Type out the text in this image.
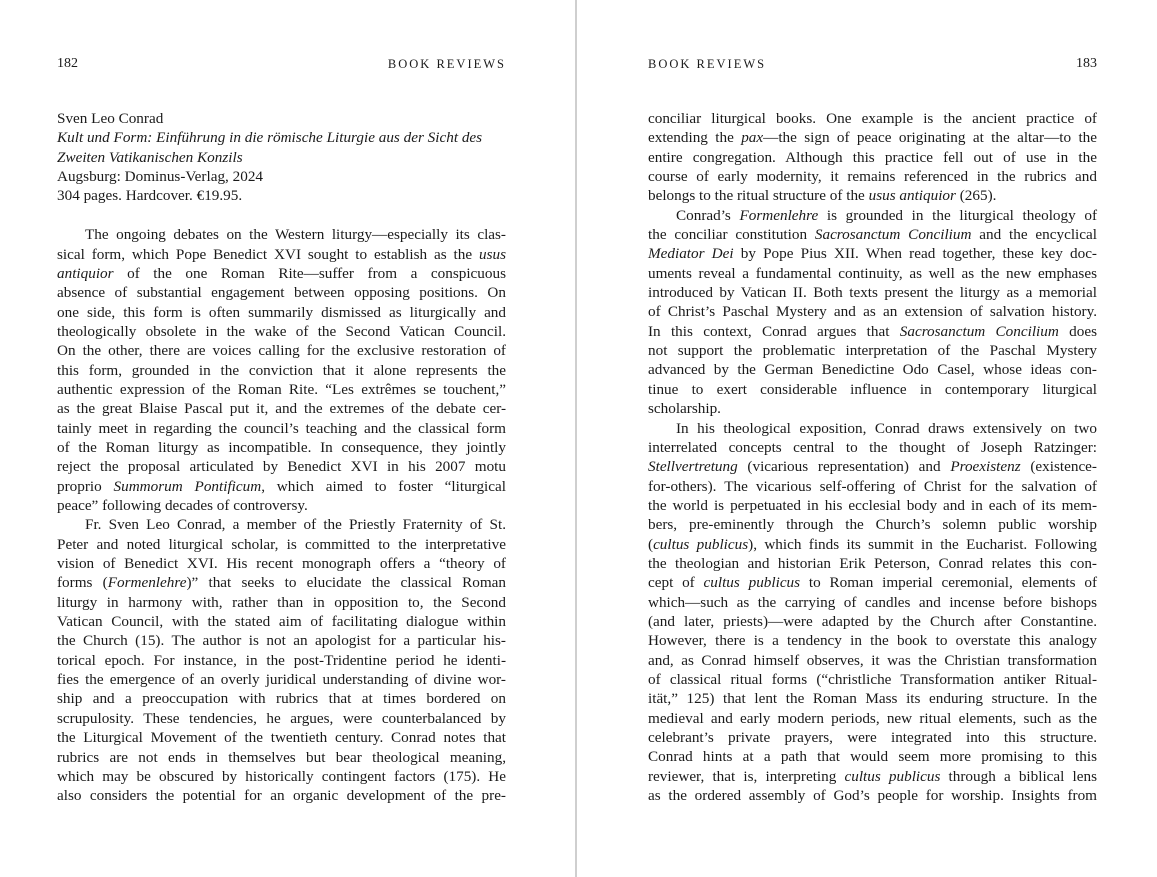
182	BOOK REVIEWS
Sven Leo Conrad
Kult und Form: Einführung in die römische Liturgie aus der Sicht des
Zweiten Vatikanischen Konzils
Augsburg: Dominus-Verlag, 2024
304 pages. Hardcover. €19.95.
The ongoing debates on the Western liturgy—especially its clas-
sical form, which Pope Benedict XVI sought to establish as the usus
antiquior of the one Roman Rite—suffer from a conspicuous
absence of substantial engagement between opposing positions. On
one side, this form is often summarily dismissed as liturgically and
theologically obsolete in the wake of the Second Vatican Council.
On the other, there are voices calling for the exclusive restoration of
this form, grounded in the conviction that it alone represents the
authentic expression of the Roman Rite. “Les extrêmes se touchent,”
as the great Blaise Pascal put it, and the extremes of the debate cer-
tainly meet in regarding the council’s teaching and the classical form
of the Roman liturgy as incompatible. In consequence, they jointly
reject the proposal articulated by Benedict XVI in his 2007 motu
proprio Summorum Pontificum, which aimed to foster “liturgical
peace” following decades of controversy.
Fr. Sven Leo Conrad, a member of the Priestly Fraternity of St.
Peter and noted liturgical scholar, is committed to the interpretative
vision of Benedict XVI. His recent monograph offers a “theory of
forms (Formenlehre)” that seeks to elucidate the classical Roman
liturgy in harmony with, rather than in opposition to, the Second
Vatican Council, with the stated aim of facilitating dialogue within
the Church (15). The author is not an apologist for a particular his-
torical epoch. For instance, in the post-Tridentine period he identi-
fies the emergence of an overly juridical understanding of divine wor-
ship and a preoccupation with rubrics that at times bordered on
scrupulosity. These tendencies, he argues, were counterbalanced by
the Liturgical Movement of the twentieth century. Conrad notes that
rubrics are not ends in themselves but bear theological meaning,
which may be obscured by historically contingent factors (175). He
also considers the potential for an organic development of the pre-
BOOK REVIEWS	183
conciliar liturgical books. One example is the ancient practice of
extending the pax—the sign of peace originating at the altar—to the
entire congregation. Although this practice fell out of use in the
course of early modernity, it remains referenced in the rubrics and
belongs to the ritual structure of the usus antiquior (265).
Conrad’s Formenlehre is grounded in the liturgical theology of
the conciliar constitution Sacrosanctum Concilium and the encyclical
Mediator Dei by Pope Pius XII. When read together, these key doc-
uments reveal a fundamental continuity, as well as the new emphases
introduced by Vatican II. Both texts present the liturgy as a memorial
of Christ’s Paschal Mystery and as an extension of salvation history.
In this context, Conrad argues that Sacrosanctum Concilium does
not support the problematic interpretation of the Paschal Mystery
advanced by the German Benedictine Odo Casel, whose ideas con-
tinue to exert considerable influence in contemporary liturgical
scholarship.
In his theological exposition, Conrad draws extensively on two
interrelated concepts central to the thought of Joseph Ratzinger:
Stellvertretung (vicarious representation) and Proexistenz (existence-
for-others). The vicarious self-offering of Christ for the salvation of
the world is perpetuated in his ecclesial body and in each of its mem-
bers, pre-eminently through the Church’s solemn public worship
(cultus publicus), which finds its summit in the Eucharist. Following
the theologian and historian Erik Peterson, Conrad relates this con-
cept of cultus publicus to Roman imperial ceremonial, elements of
which—such as the carrying of candles and incense before bishops
(and later, priests)—were adapted by the Church after Constantine.
However, there is a tendency in the book to overstate this analogy
and, as Conrad himself observes, it was the Christian transformation
of classical ritual forms (“christliche Transformation antiker Ritual-
ität,” 125) that lent the Roman Mass its enduring structure. In the
medieval and early modern periods, new ritual elements, such as the
celebrant’s private prayers, were integrated into this structure.
Conrad hints at a path that would seem more promising to this
reviewer, that is, interpreting cultus publicus through a biblical lens
as the ordered assembly of God’s people for worship. Insights from
